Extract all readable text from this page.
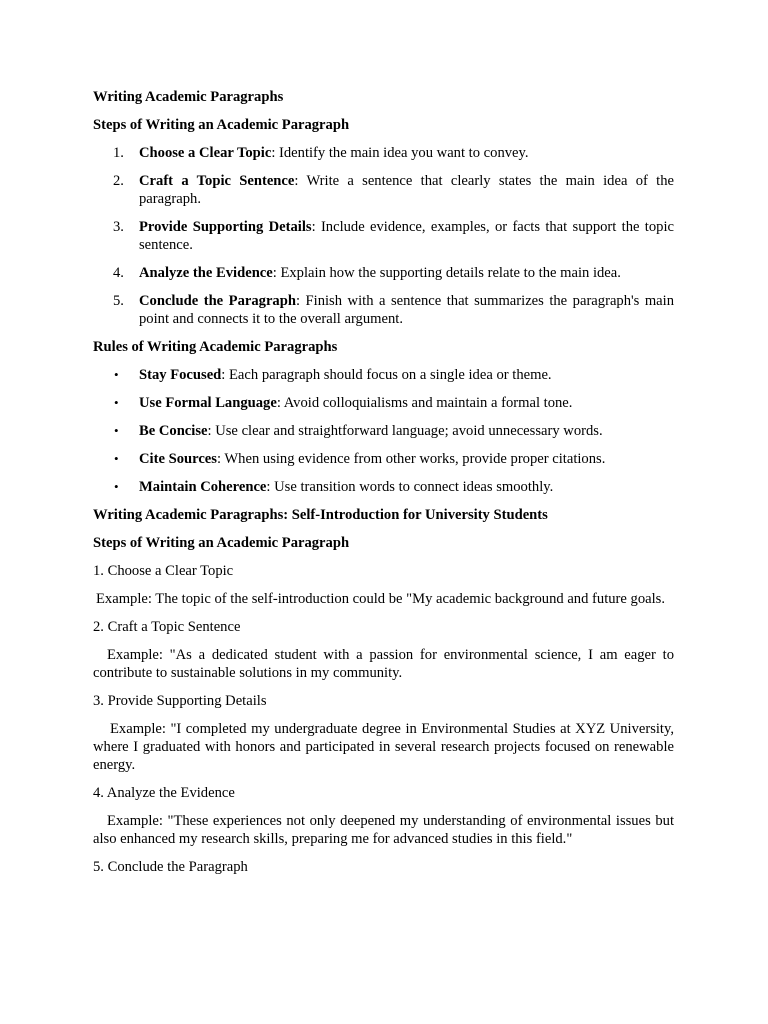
Writing Academic Paragraphs

Steps of Writing an Academic Paragraph

1.	Choose a Clear Topic: Identify the main idea you want to convey.
2.	Craft a Topic Sentence: Write a sentence that clearly states the main idea of the paragraph.
3.	Provide Supporting Details: Include evidence, examples, or facts that support the topic sentence.
4.	Analyze the Evidence: Explain how the supporting details relate to the main idea.
5.	Conclude the Paragraph: Finish with a sentence that summarizes the paragraph's main point and connects it to the overall argument.

Rules of Writing Academic Paragraphs

• Stay Focused: Each paragraph should focus on a single idea or theme.
• Use Formal Language: Avoid colloquialisms and maintain a formal tone.
• Be Concise: Use clear and straightforward language; avoid unnecessary words.
• Cite Sources: When using evidence from other works, provide proper citations.
• Maintain Coherence: Use transition words to connect ideas smoothly.

Writing Academic Paragraphs: Self-Introduction for University Students

Steps of Writing an Academic Paragraph

1. Choose a Clear Topic

Example: The topic of the self-introduction could be "My academic background and future goals.

2. Craft a Topic Sentence

Example: "As a dedicated student with a passion for environmental science, I am eager to contribute to sustainable solutions in my community.

3. Provide Supporting Details

Example: "I completed my undergraduate degree in Environmental Studies at XYZ University, where I graduated with honors and participated in several research projects focused on renewable energy.

4. Analyze the Evidence

Example: "These experiences not only deepened my understanding of environmental issues but also enhanced my research skills, preparing me for advanced studies in this field."

5. Conclude the Paragraph
